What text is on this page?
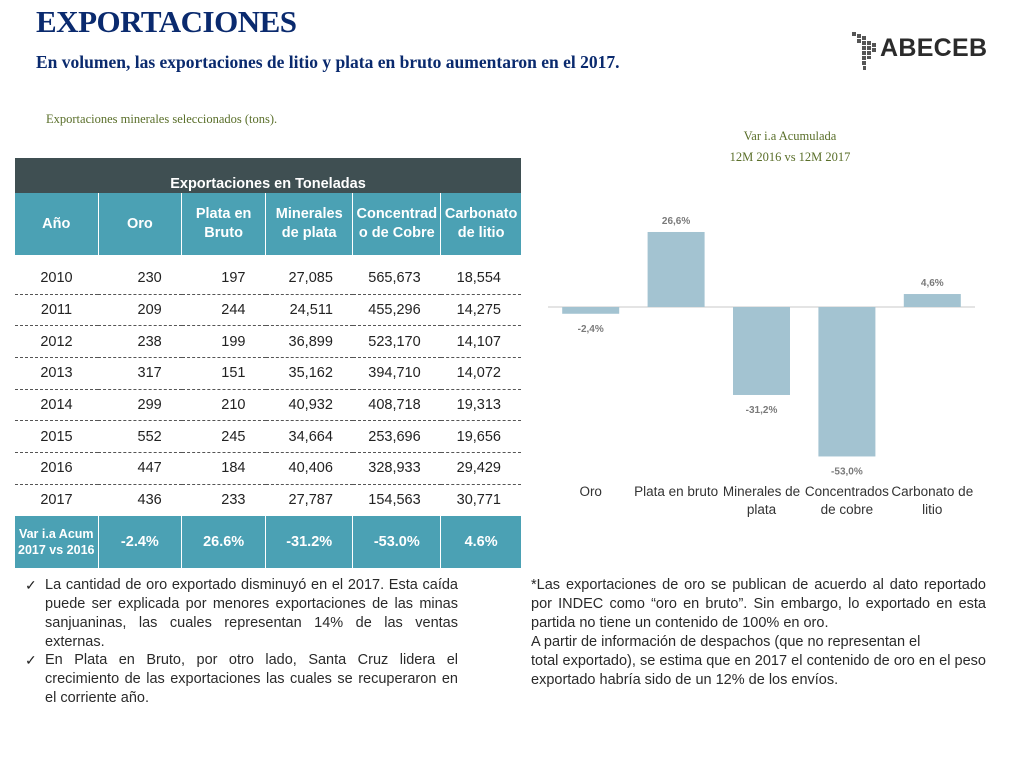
EXPORTACIONES
En volumen, las exportaciones de litio y plata en bruto aumentaron en el 2017.	ABECEB
Exportaciones minerales seleccionados (tons).
Var i.a Acumulada
12M 2016 vs 12M 2017
Exportaciones en Toneladas					
Año	Oro	Plata en Bruto	Minerales de plata	Concentrad o de Cobre	Carbonato de litio
2010	230	197	27,085	565,673	18,554
2011	209	244	24,511	455,296	14,275
2012	238	199	36,899	523,170	14,107
2013	317	151	35,162	394,710	14,072
2014	299	210	40,932	408,718	19,313
2015	552	245	34,664	253,696	19,656
2016	447	184	40,406	328,933	29,429
2017	436	233	27,787	154,563	30,771
Var i.a Acum
2017 vs 2016	-2.4%	26.6%	-31.2%	-53.0%	4.6%
-2,4%
Oro
26,6%
Plata en bruto
-31,2%
Minerales de
plata
-53,0%
Concentrados
de cobre
4,6%
Carbonato de
litio
✓ La cantidad de oro exportado disminuyó en el 2017. Esta caída puede ser explicada por menores exportaciones de las minas sanjuaninas, las cuales representan 14% de las ventas externas.
✓ En Plata en Bruto, por otro lado, Santa Cruz lidera el crecimiento de las exportaciones las cuales se recuperaron en el corriente año.

*Las exportaciones de oro se publican de acuerdo al dato reportado por INDEC como “oro en bruto”. Sin embargo, lo exportado en esta partida no tiene un contenido de 100% en oro.

A partir de información de despachos (que no representan el

total exportado), se estima que en 2017 el contenido de oro en el peso exportado habría sido de un 12% de los envíos.
